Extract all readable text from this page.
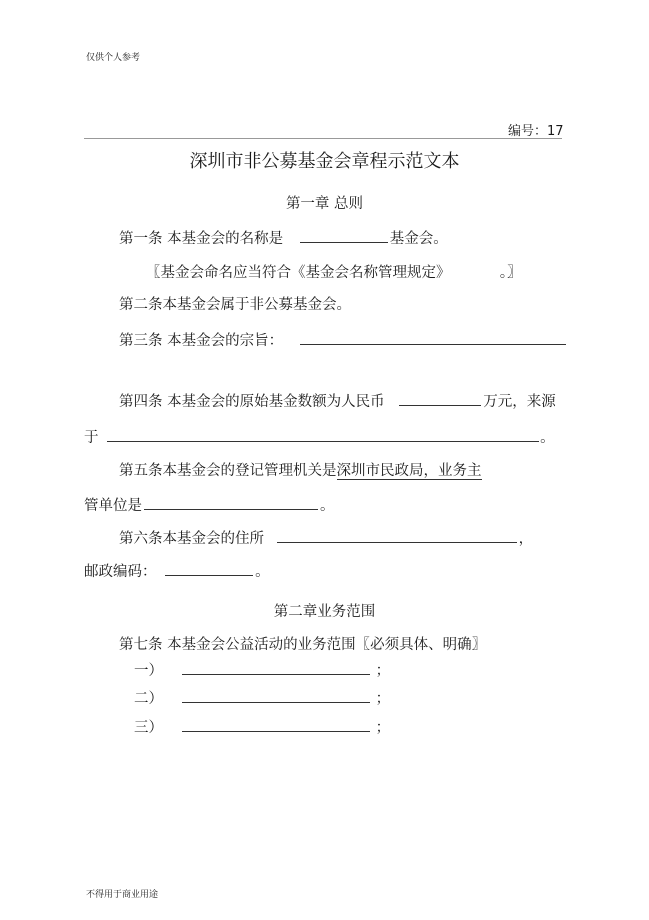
仅供个人参考
编号：17
深圳市非公募基金会章程示范文本
第一章 总则
第一条 本基金会的名称是	基金会。
〖基金会命名应当符合《基金会名称管理规定》	。〗
第二条本基金会属于非公募基金会。
第三条 本基金会的宗旨：
第四条 本基金会的原始基金数额为人民币	万元，来源
于	。
第五条本基金会的登记管理机关是深圳市民政局，业务主
管单位是	。
第六条本基金会的住所	，
邮政编码：	。
第二章业务范围
第七条 本基金会公益活动的业务范围〖必须具体、明确〗
一）	；
二）	；
三）	；
不得用于商业用途
